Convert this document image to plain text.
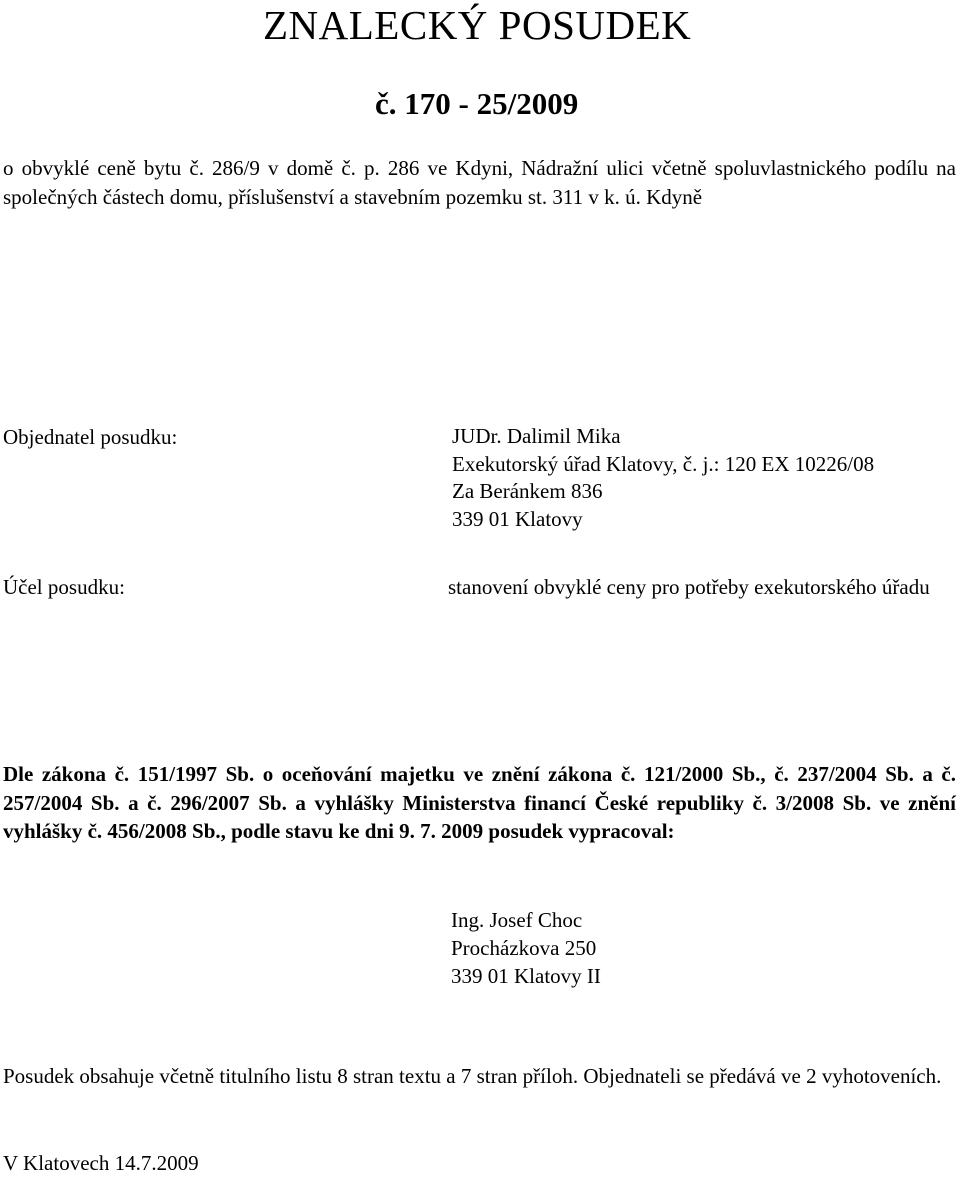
ZNALECKÝ POSUDEK
č. 170 - 25/2009
o obvyklé ceně bytu č. 286/9 v domě č. p. 286 ve Kdyni, Nádražní ulici včetně spoluvlastnického podílu na společných částech domu, příslušenství a stavebním pozemku st. 311 v k. ú. Kdyně
Objednatel posudku:	JUDr. Dalimil Mika
Exekutorský úřad Klatovy, č. j.: 120 EX 10226/08
Za Beránkem 836
339 01 Klatovy
Účel posudku:	stanovení obvyklé ceny pro potřeby exekutorského úřadu
Dle zákona č. 151/1997 Sb. o oceňování majetku ve znění zákona č. 121/2000 Sb., č. 237/2004 Sb. a č. 257/2004 Sb. a č. 296/2007 Sb. a vyhlášky Ministerstva financí České republiky č. 3/2008 Sb. ve znění vyhlášky č. 456/2008 Sb., podle stavu ke dni 9. 7. 2009 posudek vypracoval:
Ing. Josef Choc
Procházkova 250
339 01 Klatovy II
Posudek obsahuje včetně titulního listu 8 stran textu a 7 stran příloh. Objednateli se předává ve 2 vyhotoveních.
V Klatovech 14.7.2009
